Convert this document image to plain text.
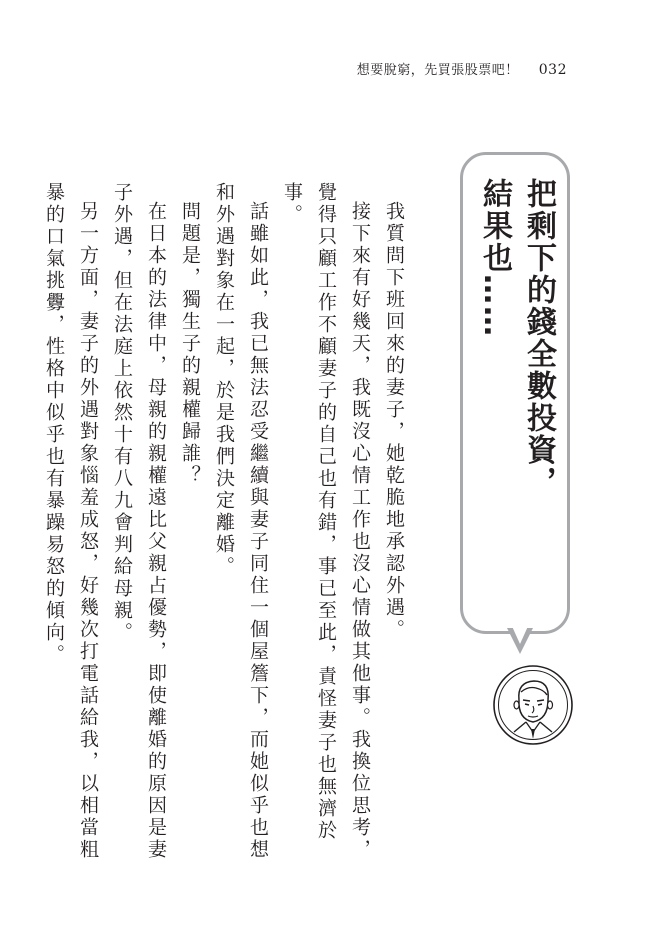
想要脫窮，先買張股票吧！ 032

把剩下的錢全數投資，

結果也……

我質問下班回來的妻子，她乾脆地承認外遇。

接下來有好幾天，我既沒心情工作也沒心情做其他事。我換位思考，覺得只顧工作不顧妻子的自己也有錯，事已至此，責怪妻子也無濟於事。

話雖如此，我已無法忍受繼續與妻子同住一個屋簷下，而她似乎也想和外遇對象在一起，於是我們決定離婚。

問題是，獨生子的親權歸誰？

在日本的法律中，母親的親權遠比父親占優勢，即使離婚的原因是妻子外遇，但在法庭上依然十有八九會判給母親。

另一方面，妻子的外遇對象惱羞成怒，好幾次打電話給我，以相當粗暴的口氣挑釁，性格中似乎也有暴躁易怒的傾向。
